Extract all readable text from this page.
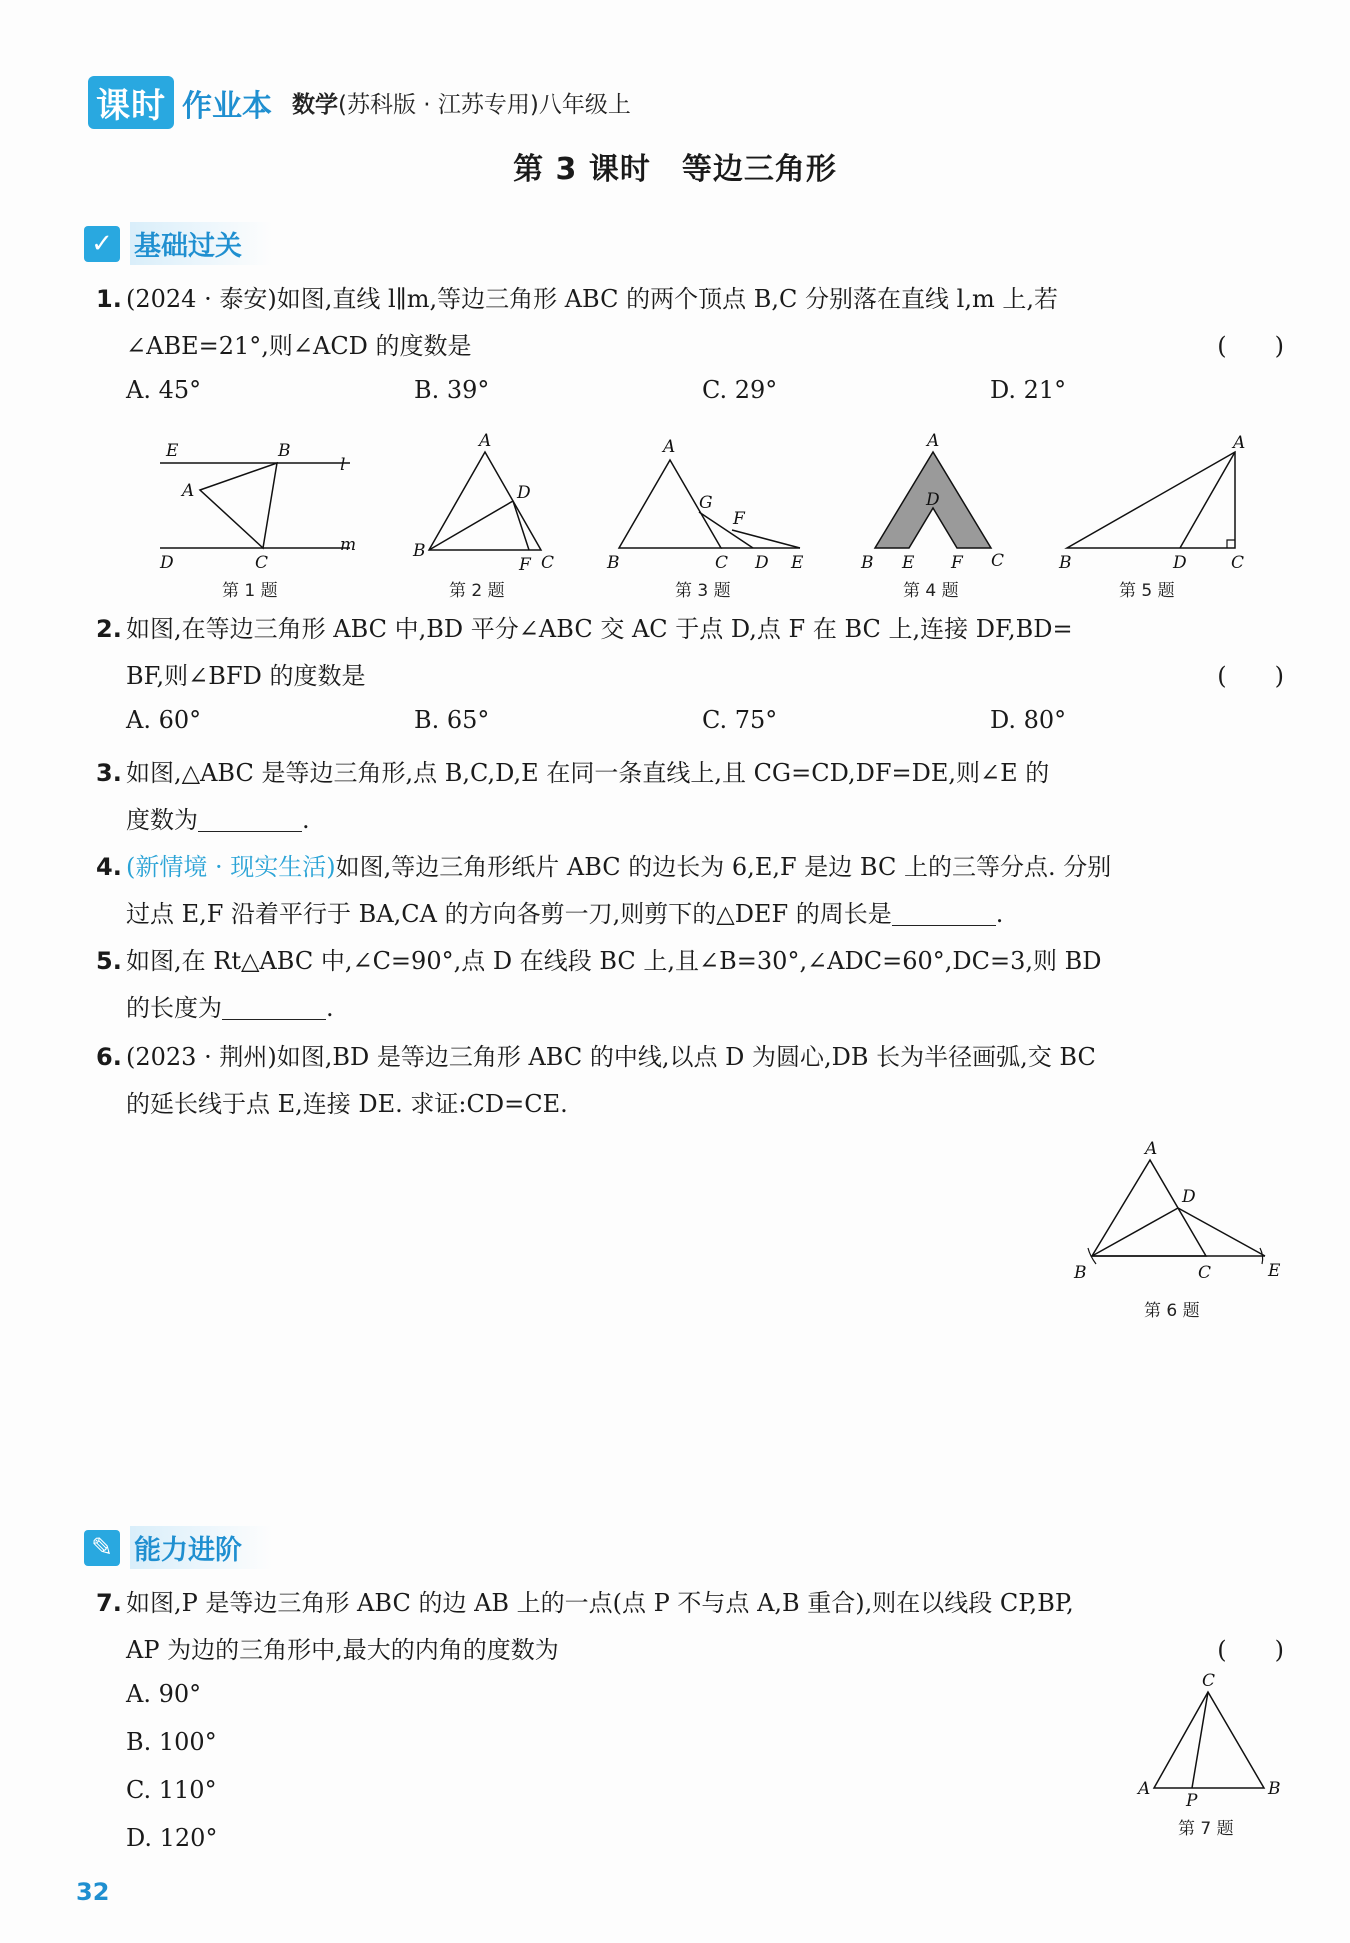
课时 作业本 数学(苏科版 · 江苏专用)八年级上
第 3 课时　等边三角形
✓ 基础过关
1. (2024 · 泰安)如图,直线 l∥m,等边三角形 ABC 的两个顶点 B,C 分别落在直线 l,m 上,若
∠ABE=21°,则∠ACD 的度数是	(　　)
A. 45°	B. 39°	C. 29°	D. 21°
E	B
l
A
D	C
m
第 1 题
A
D
B
F C
第 2 题
A
G
F
B	C D E
第 3 题
A
D
B E F C
第 4 题
A
B	D	C
第 5 题
2. 如图,在等边三角形 ABC 中,BD 平分∠ABC 交 AC 于点 D,点 F 在 BC 上,连接 DF,BD=
BF,则∠BFD 的度数是	(　　)
A. 60°	B. 65°	C. 75°	D. 80°
3. 如图,△ABC 是等边三角形,点 B,C,D,E 在同一条直线上,且 CG=CD,DF=DE,则∠E 的
度数为	.
4. (新情境 · 现实生活)如图,等边三角形纸片 ABC 的边长为 6,E,F 是边 BC 上的三等分点. 分别
过点 E,F 沿着平行于 BA,CA 的方向各剪一刀,则剪下的△DEF 的周长是	.
5. 如图,在 Rt△ABC 中,∠C=90°,点 D 在线段 BC 上,且∠B=30°,∠ADC=60°,DC=3,则 BD
的长度为	.
6. (2023 · 荆州)如图,BD 是等边三角形 ABC 的中线,以点 D 为圆心,DB 长为半径画弧,交 BC
的延长线于点 E,连接 DE. 求证:CD=CE.
A
D
B	C	E
第 6 题
✎ 能力进阶
7. 如图,P 是等边三角形 ABC 的边 AB 上的一点(点 P 不与点 A,B 重合),则在以线段 CP,BP,
AP 为边的三角形中,最大的内角的度数为	(　　)
A. 90°
B. 100°
C. 110°
D. 120°
C
A
P
B
第 7 题
32
